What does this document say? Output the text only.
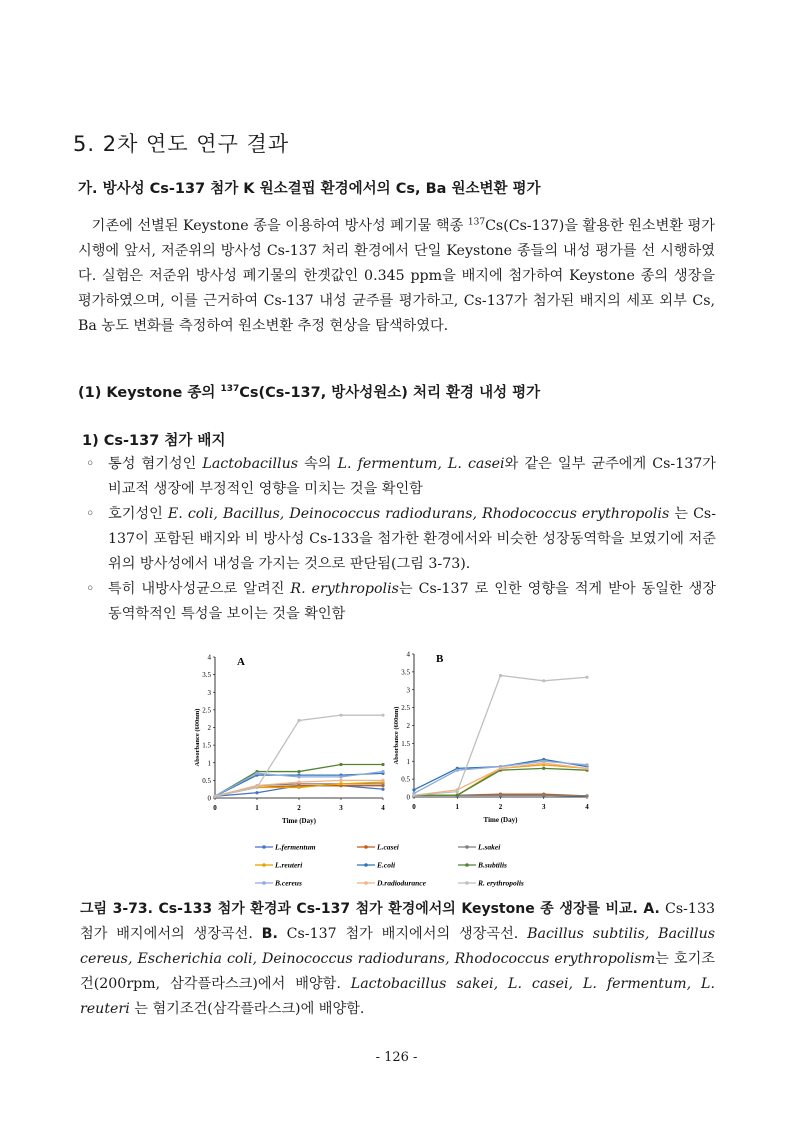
5. 2차 연도 연구 결과
가. 방사성 Cs-137 첨가 K 원소결핍 환경에서의 Cs, Ba 원소변환 평가
기존에 선별된 Keystone 종을 이용하여 방사성 폐기물 핵종 $^{137}$Cs(Cs-137)을 활용한 원소변환 평가 시행에 앞서, 저준위의 방사성 Cs-137 처리 환경에서 단일 Keystone 종들의 내성 평가를 선 시행하였다. 실험은 저준위 방사성 폐기물의 한곗값인 0.345 ppm을 배지에 첨가하여 Keystone 종의 생장을 평가하였으며, 이를 근거하여 Cs-137 내성 균주를 평가하고, Cs-137가 첨가된 배지의 세포 외부 Cs, Ba 농도 변화를 측정하여 원소변환 추정 현상을 탐색하였다.
(1) Keystone 종의 $^{137}$Cs(Cs-137, 방사성원소) 처리 환경 내성 평가
1) Cs-137 첨가 배지
◦ 통성 혐기성인 Lactobacillus 속의 L. fermentum, L. casei와 같은 일부 균주에게 Cs-137가 비교적 생장에 부정적인 영향을 미치는 것을 확인함
◦ 호기성인 E. coli, Bacillus, Deinococcus radiodurans, Rhodococcus erythropolis 는 Cs-137이 포함된 배지와 비 방사성 Cs-133을 첨가한 환경에서와 비슷한 성장동역학을 보였기에 저준위의 방사성에서 내성을 가지는 것으로 판단됨(그림 3-73).
◦ 특히 내방사성균으로 알려진 R. erythropolis는 Cs-137 로 인한 영향을 적게 받아 동일한 생장 동역학적인 특성을 보이는 것을 확인함
0
0.5
1
1.5
2
2.5
3
3.5
4
0	1	2	3	4
Time (Day)
Absorbance (600nm)
A
0
0.5
1
1.5
2
2.5
3
3.5
4
0	1	2	3	4
Time (Day)
Absorbance (600nm)
B
L.fermentum	L.casei	L.sakei
L.reuteri	E.coli	B.subtilis
B.cereus	D.radiodurance	R. erythropolis
그림 3-73. Cs-133 첨가 환경과 Cs-137 첨가 환경에서의 Keystone 종 생장를 비교. A. Cs-133 첨가 배지에서의 생장곡선. B. Cs-137 첨가 배지에서의 생장곡선. Bacillus subtilis, Bacillus cereus, Escherichia coli, Deinococcus radiodurans, Rhodococcus erythropolism는 호기조건(200rpm, 삼각플라스크)에서 배양함. Lactobacillus sakei, L. casei, L. fermentum, L. reuteri 는 혐기조건(삼각플라스크)에 배양함.
- 126 -
